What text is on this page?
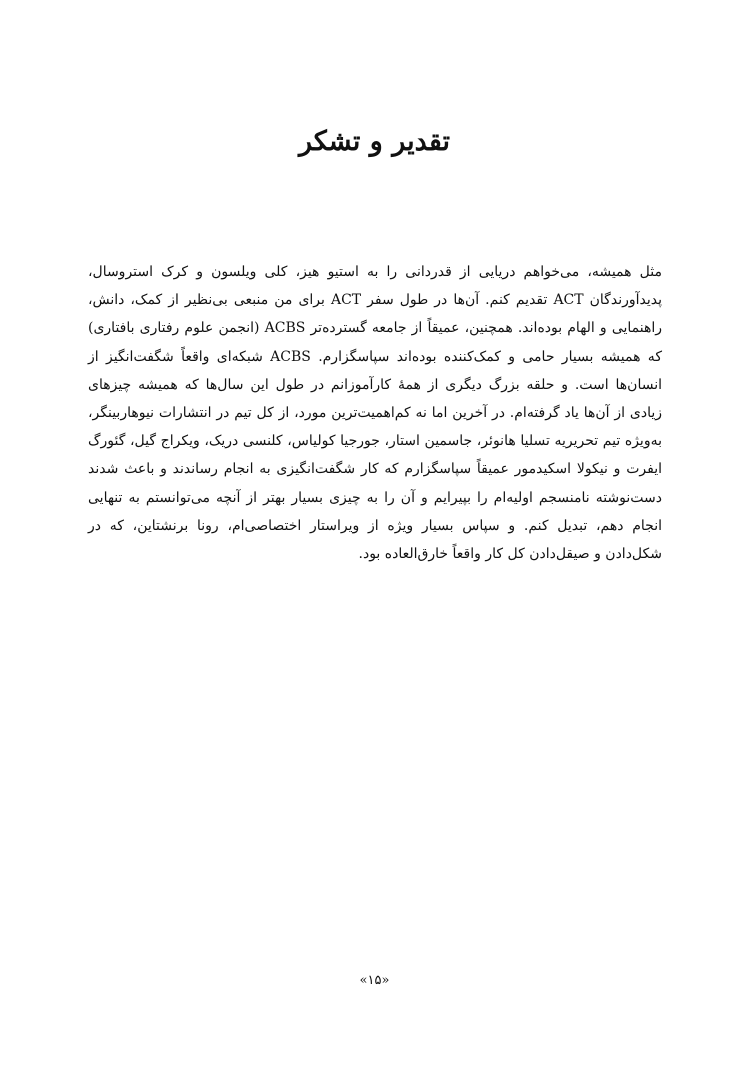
تقدیر و تشکر

مثل همیشه، می‌خواهم دریایی از قدردانی را به استیو هیز، کلی ویلسون و کرک استروسال، پدیدآورندگان ACT تقدیم کنم. آن‌ها در طول سفر ACT برای من منبعی بی‌نظیر از کمک، دانش، راهنمایی و الهام بوده‌اند. همچنین، عمیقاً از جامعه گسترده‌تر ACBS (انجمن علوم رفتاری بافتاری) که همیشه بسیار حامی و کمک‌کننده بوده‌اند سپاسگزارم. ACBS شبکه‌ای واقعاً شگفت‌انگیز از انسان‌ها است. و حلقه بزرگ دیگری از همهٔ کارآموزانم در طول این سال‌ها که همیشه چیزهای زیادی از آن‌ها یاد گرفته‌ام. در آخرین اما نه کم‌اهمیت‌ترین مورد، از کل تیم در انتشارات نیوهاربینگر، به‌ویژه تیم تحریریه تسلیا هانوئر، جاسمین استار، جورجیا کولیاس، کلنسی دریک، ویکراج گیل، گئورگ ایفرت و نیکولا اسکیدمور عمیقاً سپاسگزارم که کار شگفت‌انگیزی به انجام رساندند و باعث شدند دست‌نوشته نامنسجم اولیه‌ام را بپیرایم و آن را به چیزی بسیار بهتر از آنچه می‌توانستم به تنهایی انجام دهم، تبدیل کنم. و سپاس بسیار ویژه از ویراستار اختصاصی‌ام، رونا برنشتاین، که در شکل‌دادن و صیقل‌دادن کل کار واقعاً خارق‌العاده بود.

«۱۵»
